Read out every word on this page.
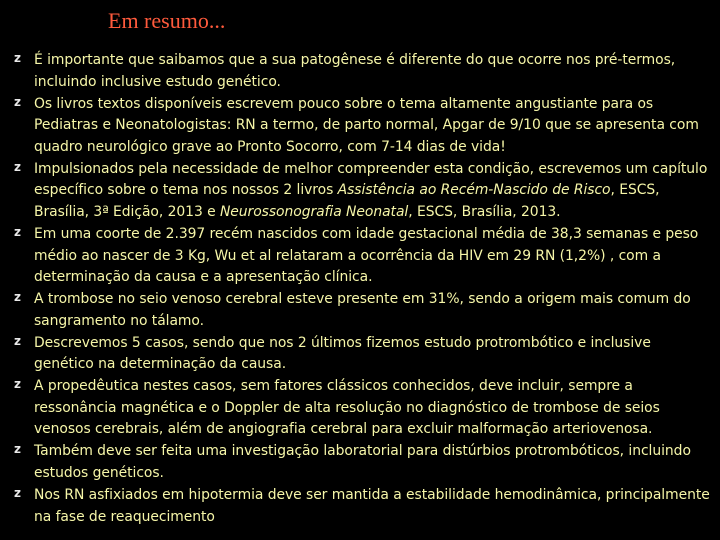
Em resumo...
z É importante que saibamos que a sua patogênese é diferente do que ocorre nos pré-termos, incluindo inclusive estudo genético.
z Os livros textos disponíveis escrevem pouco sobre o tema altamente angustiante para os Pediatras e Neonatologistas: RN a termo, de parto normal, Apgar de 9/10 que se apresenta com quadro neurológico grave ao Pronto Socorro, com 7-14 dias de vida!
z Impulsionados pela necessidade de melhor compreender esta condição, escrevemos um capítulo específico sobre o tema nos nossos 2 livros Assistência ao Recém-Nascido de Risco, ESCS, Brasília, 3ª Edição, 2013 e Neurossonografia Neonatal, ESCS, Brasília, 2013.
z Em uma coorte de 2.397 recém nascidos com idade gestacional média de 38,3 semanas e peso médio ao nascer de 3 Kg, Wu et al relataram a ocorrência da HIV em 29 RN (1,2%) , com a determinação da causa e a apresentação clínica.
z A trombose no seio venoso cerebral esteve presente em 31%, sendo a origem mais comum do sangramento no tálamo.
z Descrevemos 5 casos, sendo que nos 2 últimos fizemos estudo protrombótico e inclusive genético na determinação da causa.
z A propedêutica nestes casos, sem fatores clássicos conhecidos, deve incluir, sempre a ressonância magnética e o Doppler de alta resolução no diagnóstico de trombose de seios venosos cerebrais, além de angiografia cerebral para excluir malformação arteriovenosa.
z Também deve ser feita uma investigação laboratorial para distúrbios protrombóticos, incluindo estudos genéticos.
z Nos RN asfixiados em hipotermia deve ser mantida a estabilidade hemodinâmica, principalmente na fase de reaquecimento
